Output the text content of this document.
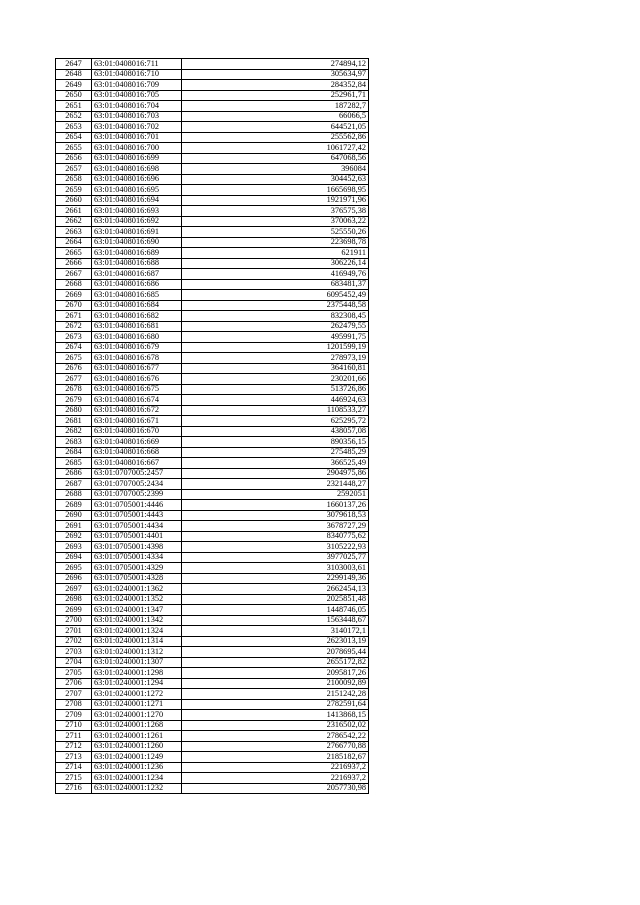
2647	63:01:0408016:711	274894,12
2648	63:01:0408016:710	305634,97
2649	63:01:0408016:709	284352,84
2650	63:01:0408016:705	252961,71
2651	63:01:0408016:704	187282,7
2652	63:01:0408016:703	66066,5
2653	63:01:0408016:702	644521,05
2654	63:01:0408016:701	255562,86
2655	63:01:0408016:700	1061727,42
2656	63:01:0408016:699	647068,56
2657	63:01:0408016:698	396084
2658	63:01:0408016:696	304452,63
2659	63:01:0408016:695	1665698,95
2660	63:01:0408016:694	1921971,96
2661	63:01:0408016:693	376575,38
2662	63:01:0408016:692	370063,22
2663	63:01:0408016:691	525550,26
2664	63:01:0408016:690	223698,78
2665	63:01:0408016:689	621911
2666	63:01:0408016:688	306226,14
2667	63:01:0408016:687	416949,76
2668	63:01:0408016:686	683481,37
2669	63:01:0408016:685	6095452,49
2670	63:01:0408016:684	2375448,58
2671	63:01:0408016:682	832308,45
2672	63:01:0408016:681	262479,55
2673	63:01:0408016:680	495991,75
2674	63:01:0408016:679	1201599,19
2675	63:01:0408016:678	278973,19
2676	63:01:0408016:677	364160,81
2677	63:01:0408016:676	230201,66
2678	63:01:0408016:675	513726,86
2679	63:01:0408016:674	446924,63
2680	63:01:0408016:672	1108533,27
2681	63:01:0408016:671	625295,72
2682	63:01:0408016:670	438057,08
2683	63:01:0408016:669	890356,15
2684	63:01:0408016:668	275485,29
2685	63:01:0408016:667	366525,49
2686	63:01:0707005:2457	2904975,86
2687	63:01:0707005:2434	2321448,27
2688	63:01:0707005:2399	2592051
2689	63:01:0705001:4446	1660137,26
2690	63:01:0705001:4443	3079618,53
2691	63:01:0705001:4434	3678727,29
2692	63:01:0705001:4401	8340775,62
2693	63:01:0705001:4398	3105222,93
2694	63:01:0705001:4334	3977025,77
2695	63:01:0705001:4329	3103003,61
2696	63:01:0705001:4328	2299149,36
2697	63:01:0240001:1362	2662454,13
2698	63:01:0240001:1352	2025851,48
2699	63:01:0240001:1347	1448746,05
2700	63:01:0240001:1342	1563448,67
2701	63:01:0240001:1324	3140172,1
2702	63:01:0240001:1314	2623013,19
2703	63:01:0240001:1312	2078695,44
2704	63:01:0240001:1307	2655172,82
2705	63:01:0240001:1298	2095817,26
2706	63:01:0240001:1294	2100092,89
2707	63:01:0240001:1272	2151242,28
2708	63:01:0240001:1271	2782591,64
2709	63:01:0240001:1270	1413868,15
2710	63:01:0240001:1268	2316502,02
2711	63:01:0240001:1261	2786542,22
2712	63:01:0240001:1260	2766770,88
2713	63:01:0240001:1249	2185182,67
2714	63:01:0240001:1236	2216937,2
2715	63:01:0240001:1234	2216937,2
2716	63:01:0240001:1232	2057730,98
